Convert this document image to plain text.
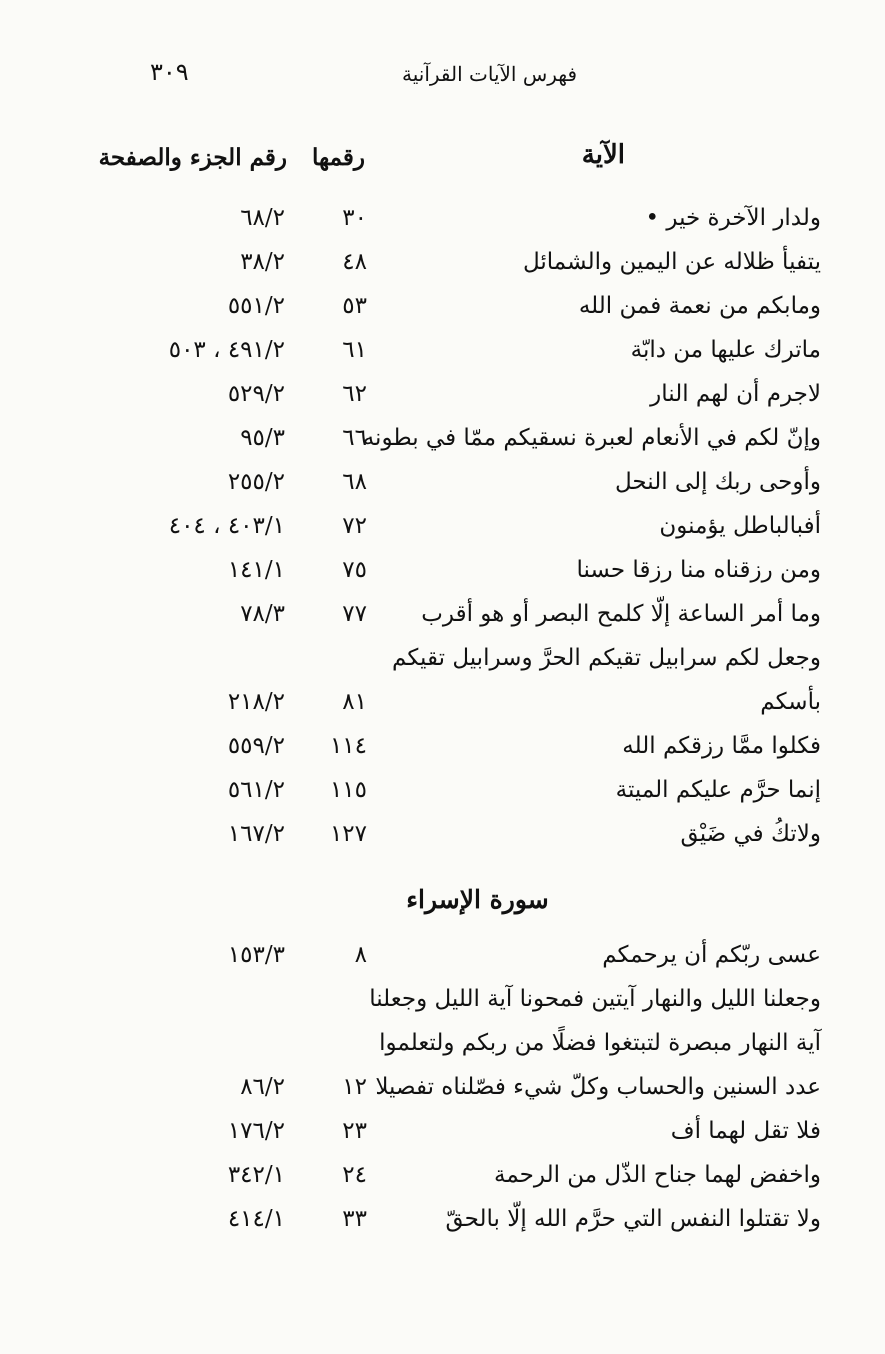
٣٠٩	فهرس الآيات القرآنية
الآية
رقمها
رقم الجزء والصفحة
ولدار الآخرة خير •
٣٠
٦٨/٢
يتفيأ ظلاله عن اليمين والشمائل
٤٨
٣٨/٢
ومابكم من نعمة فمن الله
٥٣
٥٥١/٢
ماترك عليها من دابّة
٦١
٤٩١/٢ ، ٥٠٣
لاجرم أن لهم النار
٦٢
٥٢٩/٢
وإنّ لكم في الأنعام لعبرة نسقيكم ممّا في بطونه
٦٦
٩٥/٣
وأوحى ربك إلى النحل
٦٨
٢٥٥/٢
أفبالباطل يؤمنون
٧٢
٤٠٣/١ ، ٤٠٤
ومن رزقناه منا رزقا حسنا
٧٥
١٤١/١
وما أمر الساعة إلّا كلمح البصر أو هو أقرب
٧٧
٧٨/٣
وجعل لكم سرابيل تقيكم الحرَّ وسرابيل تقيكم
بأسكم
٨١
٢١٨/٢
فكلوا ممَّا رزقكم الله
١١٤
٥٥٩/٢
إنما حرَّم عليكم الميتة
١١٥
٥٦١/٢
ولاتكُ في ضَيْق
١٢٧
١٦٧/٢
سورة الإسراء
عسى ربّكم أن يرحمكم
٨
١٥٣/٣
وجعلنا الليل والنهار آيتين فمحونا آية الليل وجعلنا
آية النهار مبصرة لتبتغوا فضلًا من ربكم ولتعلموا
عدد السنين والحساب وكلّ شيء فصّلناه تفصيلا
١٢
٨٦/٢
فلا تقل لهما أف
٢٣
١٧٦/٢
واخفض لهما جناح الذّل من الرحمة
٢٤
٣٤٢/١
ولا تقتلوا النفس التي حرَّم الله إلّا بالحقّ
٣٣
٤١٤/١
